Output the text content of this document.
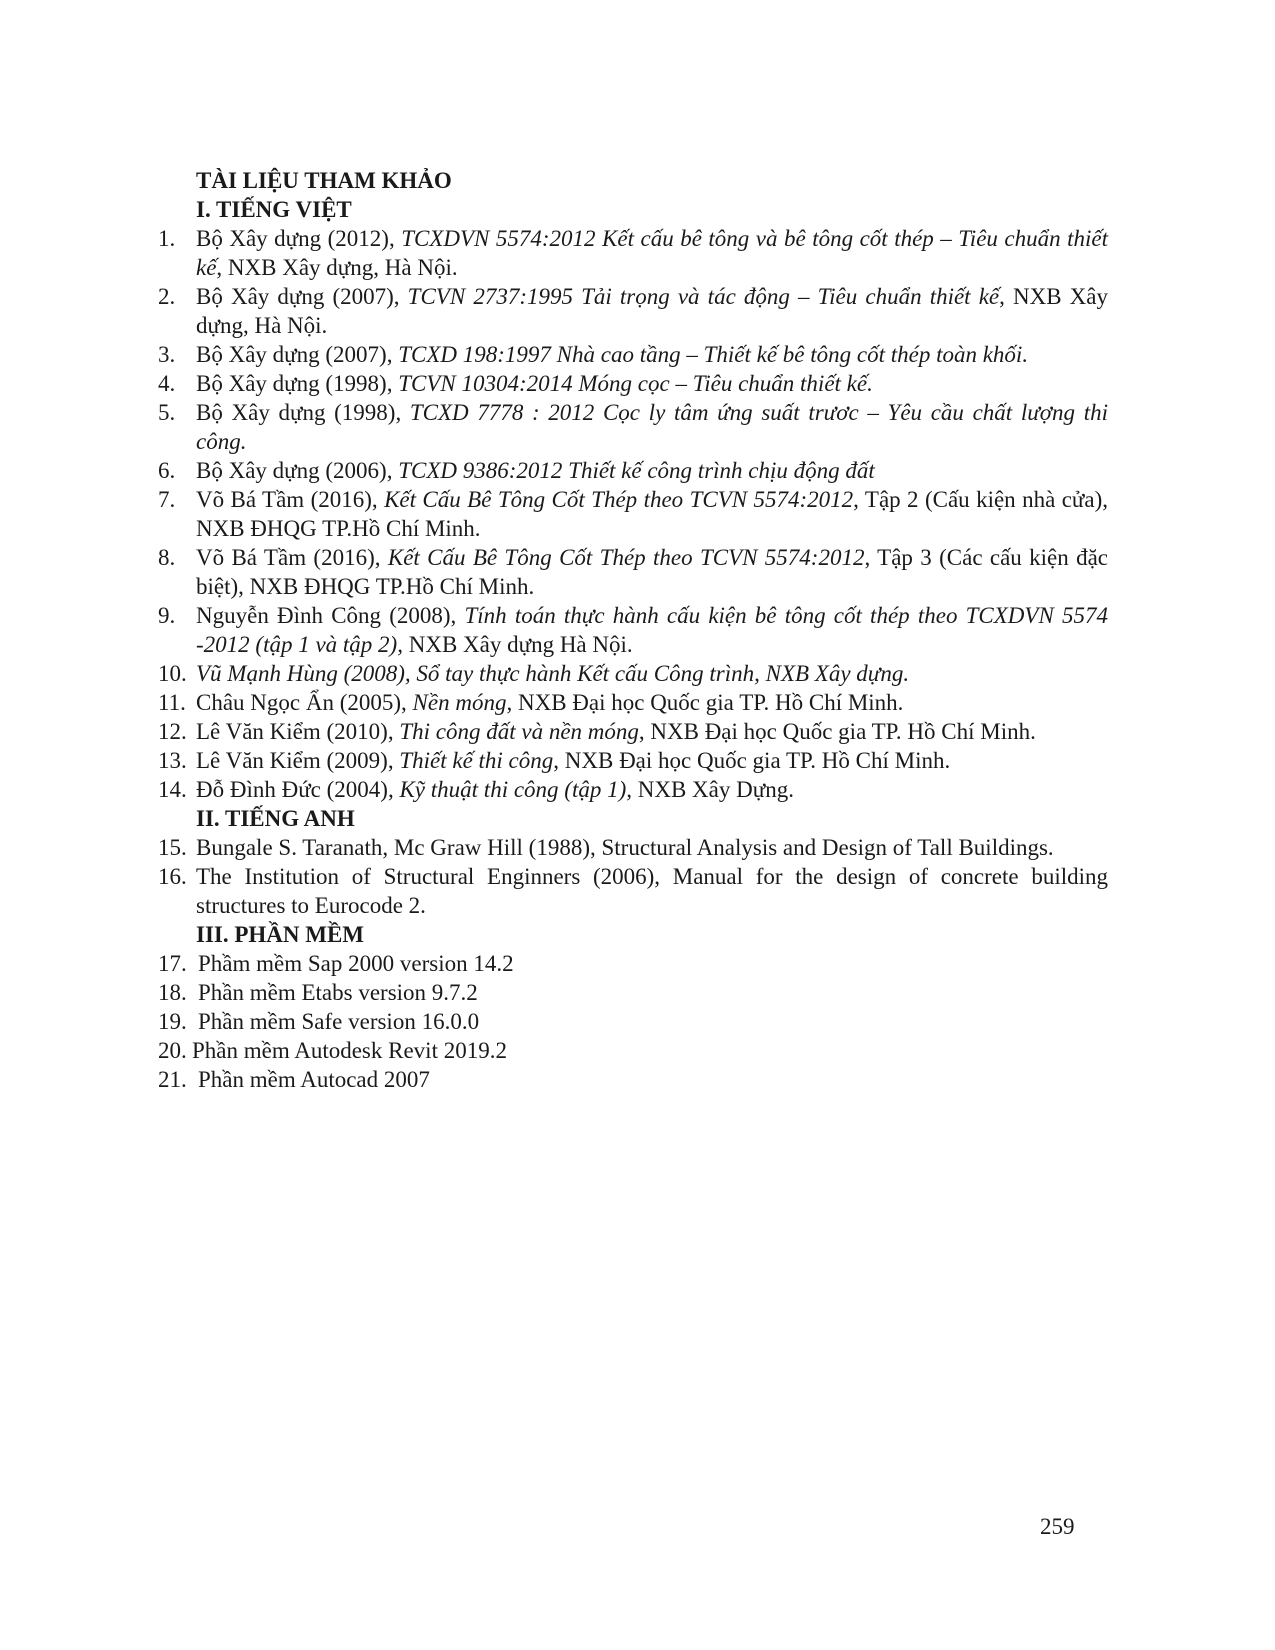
TÀI LIỆU THAM KHẢO
I. TIẾNG VIỆT
1. Bộ Xây dựng (2012), TCXDVN 5574:2012 Kết cấu bê tông và bê tông cốt thép – Tiêu chuẩn thiết kế, NXB Xây dựng, Hà Nội.
2. Bộ Xây dựng (2007), TCVN 2737:1995 Tải trọng và tác động – Tiêu chuẩn thiết kế, NXB Xây dựng, Hà Nội.
3. Bộ Xây dựng (2007), TCXD 198:1997 Nhà cao tầng – Thiết kế bê tông cốt thép toàn khối.
4. Bộ Xây dựng (1998), TCVN 10304:2014 Móng cọc – Tiêu chuẩn thiết kế.
5. Bộ Xây dựng (1998), TCXD 7778 : 2012 Cọc ly tâm ứng suất trươc – Yêu cầu chất lượng thi công.
6. Bộ Xây dựng (2006), TCXD 9386:2012 Thiết kế công trình chịu động đất
7. Võ Bá Tầm (2016), Kết Cấu Bê Tông Cốt Thép theo TCVN 5574:2012, Tập 2 (Cấu kiện nhà cửa), NXB ĐHQG TP.Hồ Chí Minh.
8. Võ Bá Tầm (2016), Kết Cấu Bê Tông Cốt Thép theo TCVN 5574:2012, Tập 3 (Các cấu kiện đặc biệt), NXB ĐHQG TP.Hồ Chí Minh.
9. Nguyễn Đình Công (2008), Tính toán thực hành cấu kiện bê tông cốt thép theo TCXDVN 5574 -2012 (tập 1 và tập 2), NXB Xây dựng Hà Nội.
10. Vũ Mạnh Hùng (2008), Sổ tay thực hành Kết cấu Công trình, NXB Xây dựng.
11. Châu Ngọc Ẩn (2005), Nền móng, NXB Đại học Quốc gia TP. Hồ Chí Minh.
12. Lê Văn Kiểm (2010), Thi công đất và nền móng, NXB Đại học Quốc gia TP. Hồ Chí Minh.
13. Lê Văn Kiểm (2009), Thiết kế thi công, NXB Đại học Quốc gia TP. Hồ Chí Minh.
14. Đỗ Đình Đức (2004), Kỹ thuật thi công (tập 1), NXB Xây Dựng.
II. TIẾNG ANH
15. Bungale S. Taranath, Mc Graw Hill (1988), Structural Analysis and Design of Tall Buildings.
16. The Institution of Structural Enginners (2006), Manual for the design of concrete building structures to Eurocode 2.
III. PHẦN MỀM
17. Phầm mềm Sap 2000 version 14.2
18. Phần mềm Etabs version 9.7.2
19. Phần mềm Safe version 16.0.0
20. Phần mềm Autodesk Revit 2019.2
21. Phần mềm Autocad 2007
259
